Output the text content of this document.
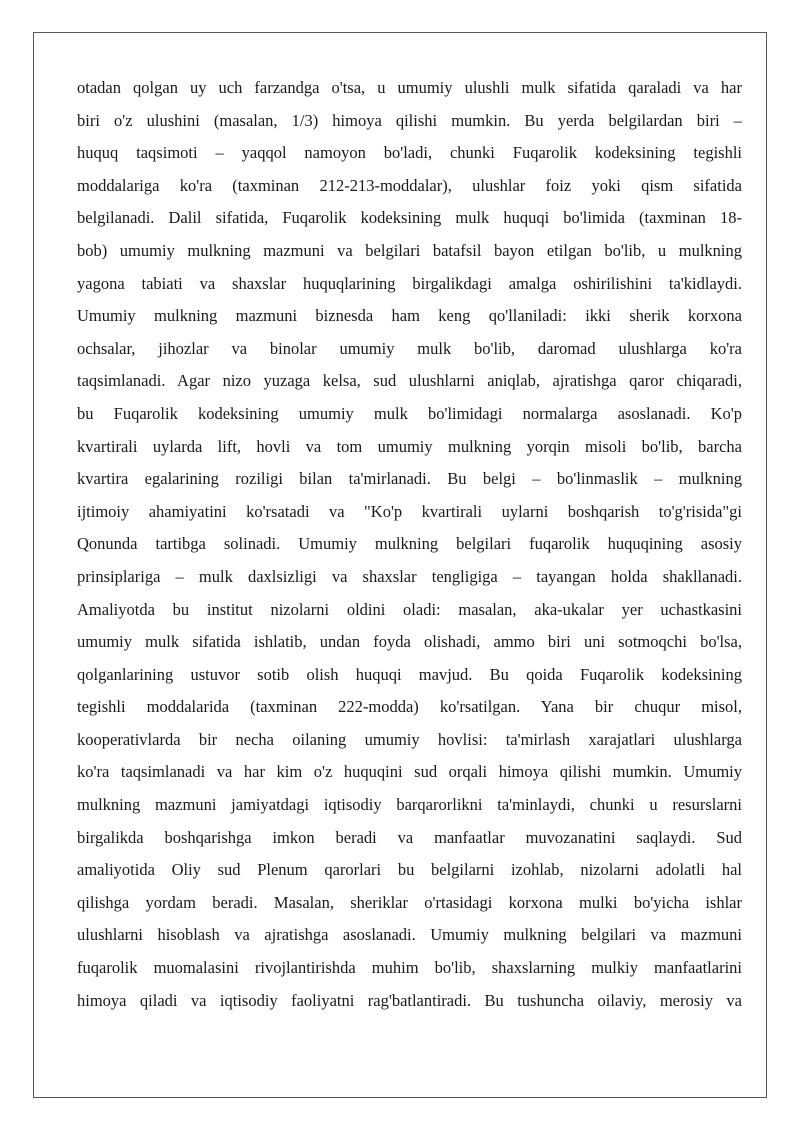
otadan qolgan uy uch farzandga o'tsa, u umumiy ulushli mulk sifatida qaraladi va har
biri o'z ulushini (masalan, 1/3) himoya qilishi mumkin. Bu yerda belgilardan biri –
huquq taqsimoti – yaqqol namoyon bo'ladi, chunki Fuqarolik kodeksining tegishli
moddalariga ko'ra (taxminan 212-213-moddalar), ulushlar foiz yoki qism sifatida
belgilanadi. Dalil sifatida, Fuqarolik kodeksining mulk huquqi bo'limida (taxminan 18-
bob) umumiy mulkning mazmuni va belgilari batafsil bayon etilgan bo'lib, u mulkning
yagona tabiati va shaxslar huquqlarining birgalikdagi amalga oshirilishini ta'kidlaydi.
Umumiy mulkning mazmuni biznesda ham keng qo'llaniladi: ikki sherik korxona
ochsalar, jihozlar va binolar umumiy mulk bo'lib, daromad ulushlarga ko'ra
taqsimlanadi. Agar nizo yuzaga kelsa, sud ulushlarni aniqlab, ajratishga qaror chiqaradi,
bu Fuqarolik kodeksining umumiy mulk bo'limidagi normalarga asoslanadi. Ko'p
kvartirali uylarda lift, hovli va tom umumiy mulkning yorqin misoli bo'lib, barcha
kvartira egalarining roziligi bilan ta'mirlanadi. Bu belgi – bo'linmaslik – mulkning
ijtimoiy ahamiyatini ko'rsatadi va "Ko'p kvartirali uylarni boshqarish to'g'risida"gi
Qonunda tartibga solinadi. Umumiy mulkning belgilari fuqarolik huquqining asosiy
prinsiplariga – mulk daxlsizligi va shaxslar tengligiga – tayangan holda shakllanadi.
Amaliyotda bu institut nizolarni oldini oladi: masalan, aka-ukalar yer uchastkasini
umumiy mulk sifatida ishlatib, undan foyda olishadi, ammo biri uni sotmoqchi bo'lsa,
qolganlarining ustuvor sotib olish huquqi mavjud. Bu qoida Fuqarolik kodeksining
tegishli moddalarida (taxminan 222-modda) ko'rsatilgan. Yana bir chuqur misol,
kooperativlarda bir necha oilaning umumiy hovlisi: ta'mirlash xarajatlari ulushlarga
ko'ra taqsimlanadi va har kim o'z huquqini sud orqali himoya qilishi mumkin. Umumiy
mulkning mazmuni jamiyatdagi iqtisodiy barqarorlikni ta'minlaydi, chunki u resurslarni
birgalikda boshqarishga imkon beradi va manfaatlar muvozanatini saqlaydi. Sud
amaliyotida Oliy sud Plenum qarorlari bu belgilarni izohlab, nizolarni adolatli hal
qilishga yordam beradi. Masalan, sheriklar o'rtasidagi korxona mulki bo'yicha ishlar
ulushlarni hisoblash va ajratishga asoslanadi. Umumiy mulkning belgilari va mazmuni
fuqarolik muomalasini rivojlantirishda muhim bo'lib, shaxslarning mulkiy manfaatlarini
himoya qiladi va iqtisodiy faoliyatni rag'batlantiradi. Bu tushuncha oilaviy, merosiy va
